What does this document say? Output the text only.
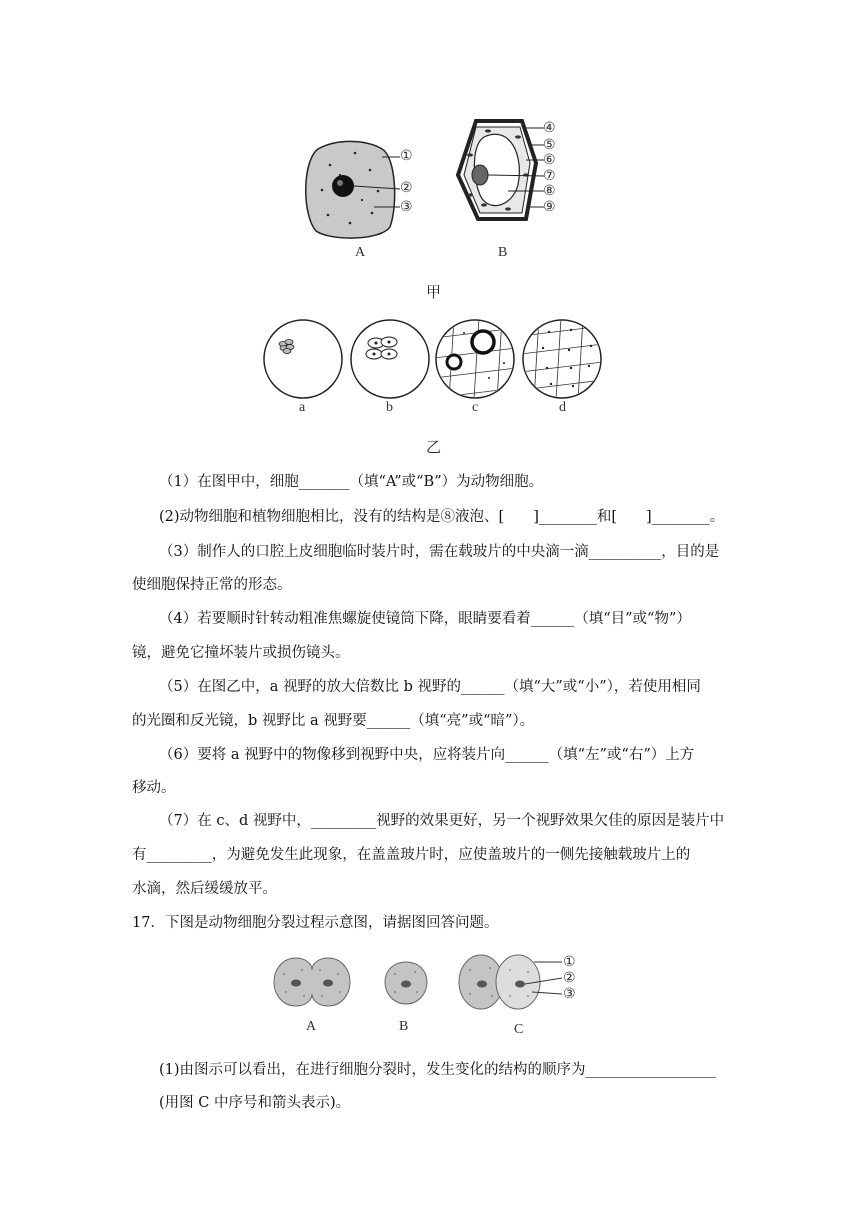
①
②
③
A
④
⑤
⑥
⑦
⑧
⑨
B
甲
a	b	c	d
乙
（1）在图甲中，细胞_______（填“A”或“B”）为动物细胞。
(2)动物细胞和植物细胞相比，没有的结构是⑧液泡、[　　]________和[　　]________。
（3）制作人的口腔上皮细胞临时装片时，需在载玻片的中央滴一滴__________，目的是
使细胞保持正常的形态。
（4）若要顺时针转动粗准焦螺旋使镜筒下降，眼睛要看着______（填“目”或“物”）
镜，避免它撞坏装片或损伤镜头。
（5）在图乙中，a 视野的放大倍数比 b 视野的______（填“大”或“小”），若使用相同
的光圈和反光镜，b 视野比 a 视野要______（填“亮”或“暗”）。
（6）要将 a 视野中的物像移到视野中央，应将装片向______（填“左”或“右”）上方
移动。
（7）在 c、d 视野中，_________视野的效果更好，另一个视野效果欠佳的原因是装片中
有_________，为避免发生此现象，在盖盖玻片时，应使盖玻片的一侧先接触载玻片上的
水滴，然后缓缓放平。
17．下图是动物细胞分裂过程示意图，请据图回答问题。
A	B
①
②
③
C
(1)由图示可以看出，在进行细胞分裂时，发生变化的结构的顺序为__________________
(用图 C 中序号和箭头表示)。
